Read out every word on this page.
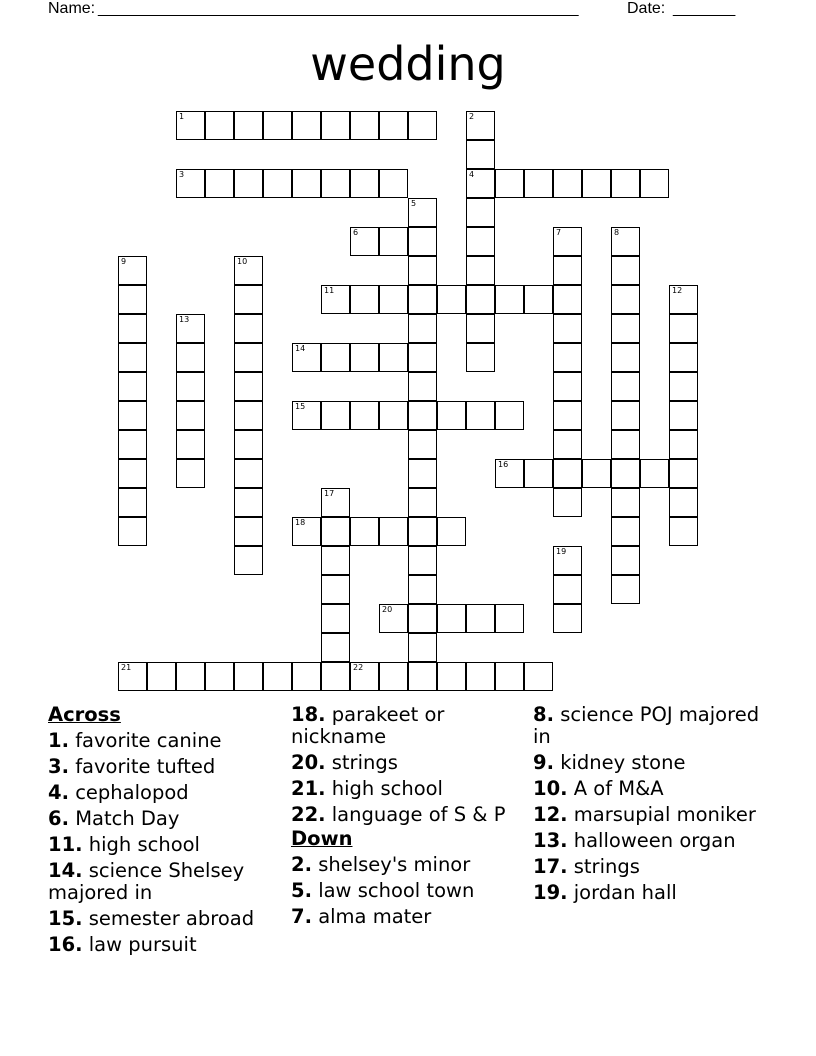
Name:
______________________________________________________	Date: _______
wedding
1	2
4
3
5
6	7	8
9	10
11	12
13
14
15
16
17
18
19
20
21	22
Across
1. favorite canine
3. favorite tufted
4. cephalopod
6. Match Day
11. high school
14. science Shelsey majored in
15. semester abroad
16. law pursuit
18. parakeet or nickname
20. strings
21. high school
22. language of S & P
Down
2. shelsey's minor
5. law school town
7. alma mater
8. science POJ majored in
9. kidney stone
10. A of M&A
12. marsupial moniker
13. halloween organ
17. strings
19. jordan hall
